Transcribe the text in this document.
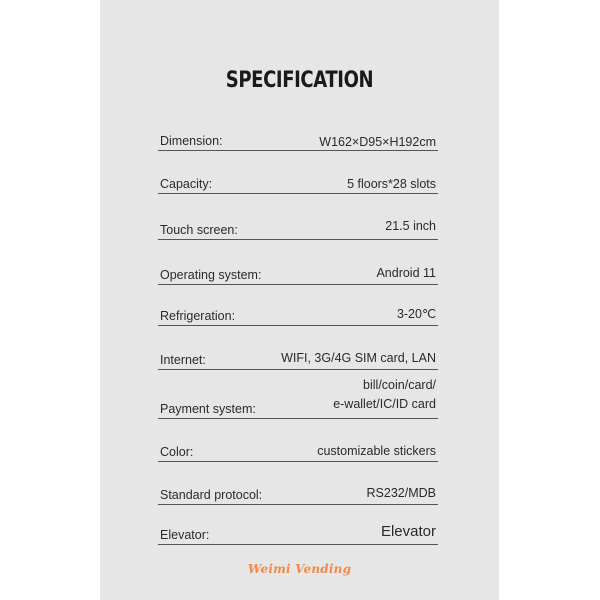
SPECIFICATION
Dimension:	W162×D95×H192cm
Capacity:	5 floors*28 slots
Touch screen:	21.5 inch
Operating system:	Android 11
Refrigeration:	3-20℃
Internet:	WIFI, 3G/4G SIM card, LAN
Payment system:
bill/coin/card/
e-wallet/IC/ID card
Color:	customizable stickers
Standard protocol:	RS232/MDB
Elevator:	Elevator
Weimi Vending
